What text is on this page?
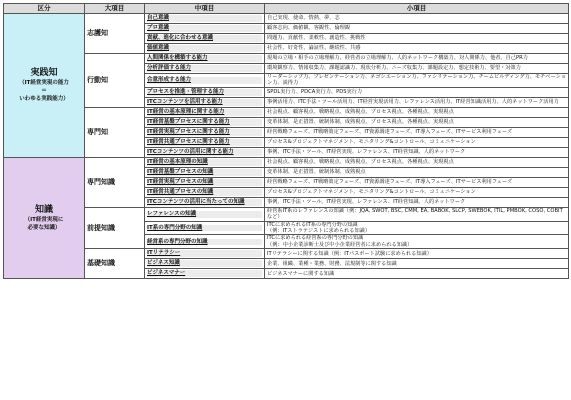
区分	大項目	中項目	小項目

実践知
（IT経営実現の能力
＝
いわゆる実践能力）	志護知	自己意識	自己実現、使命、情熱、夢、志

		プロ意識	顧客志向、価値観、客観性、倫理観

		貢献、進化に合わせる意識	問題力、貢献性、柔軟性、創造性、挑戦性

		価値意識	社会性、好奇性、論証性、継続性、共感
	行動知	人間関係を構築する能力	現場の立場・相手の立場理解力、経営者の立場理解力、人的ネットワーク構築力、対人関係力、他者、自己PR力

		分析評価する能力	環境観察力、情報収集力、課題認識力、現状分析力、ニーズ収集力、課題設定力、想定技術力、要望・対策力

		合意形成する能力	リーダーシップ力、プレゼンテーション力、ネゴシエーション力、ファシリテーション力、チームビルディング力、モチベーション力、説得力

		プロセスを推進・管理する能力	SPDL実行力、PDCA実行力、PDS実行力

		ITCコンテンツを活用する能力	事例活用力、ITC手法・ツール活用力、IT経営実現活用力、レファレンス活用力、IT経営知識活用力、人的ネットワーク活用力
	専門知	IT経営の基本原理に関する能力	社会視点、顧客視点、戦略視点、成熟視点、プロセス視点、各種視点、実現視点

		IT経営基盤プロセスに関する能力	变革体制、是正措置、統制体制、成熟視点、プロセス視点、各種視点、実現視点

		IT経営実現プロセスに関する能力	経営戦略フェーズ、IT戦略策定フェーズ、IT資源調達フェーズ、IT導入フェーズ、ITサービス利用フェーズ

		IT経営共通プロセスに関する能力	プロセス&プロジェクトマネジメント、モニタリング&コントロール、コミュニケーション

		ITCコンテンツの活用に関する能力	事例、ITC手法・ツール、IT経営実現、レファレンス、IT経営知識、人的ネットワーク

知識
（IT経営実現に
必要な知識）	専門知識	IT経営の基本原理の知識	社会視点、顧客視点、戦略視点、成熟視点、プロセス視点、各種視点、実現視点

		IT経営基盤プロセスの知識	变革体制、是正措置、統制体制、成熟視点

		IT経営実現プロセスの知識	経営戦略フェーズ、IT戦略策定フェーズ、IT資源調達フェーズ、IT導入フェーズ、ITサービス利用フェーズ

		IT経営共通プロセスの知識	プロセス&プロジェクトマネジメント、モニタリング&コントロール、コミュニケーション

		ITCコンテンツの活用に当たっての知識	事例、ITC手法・ツール、IT経営実現、レファレンス、IT経営知識、人的ネットワーク
	前提知識	レファレンスの知識	経営系IT系のレファレンスの知識（例：JQA, SWOT, BSC, CMM, EA, BABOK, SLCP, SWEBOK, ITIL, PMBOK, COSO, COBITなど）

		IT系の専門分野の知識	ITCに求められるIT系の専門分野の知識
（例：ITストラテジストに求められる知識）

		経営系の専門分野の知識	ITCに求められる経営系の専門分野の知識
（例：中小企業診断士及び中小企業経営者に求められる知識）
	基礎知識	ITリテラシー	ITリテラシーに関する知識（例：ITパスポート試験に求められる知識）

		ビジネス知識	企業、組織、業種・業務、財務、法規制等に関する知識

		ビジネスマナー	ビジネスマナーに関する知識
